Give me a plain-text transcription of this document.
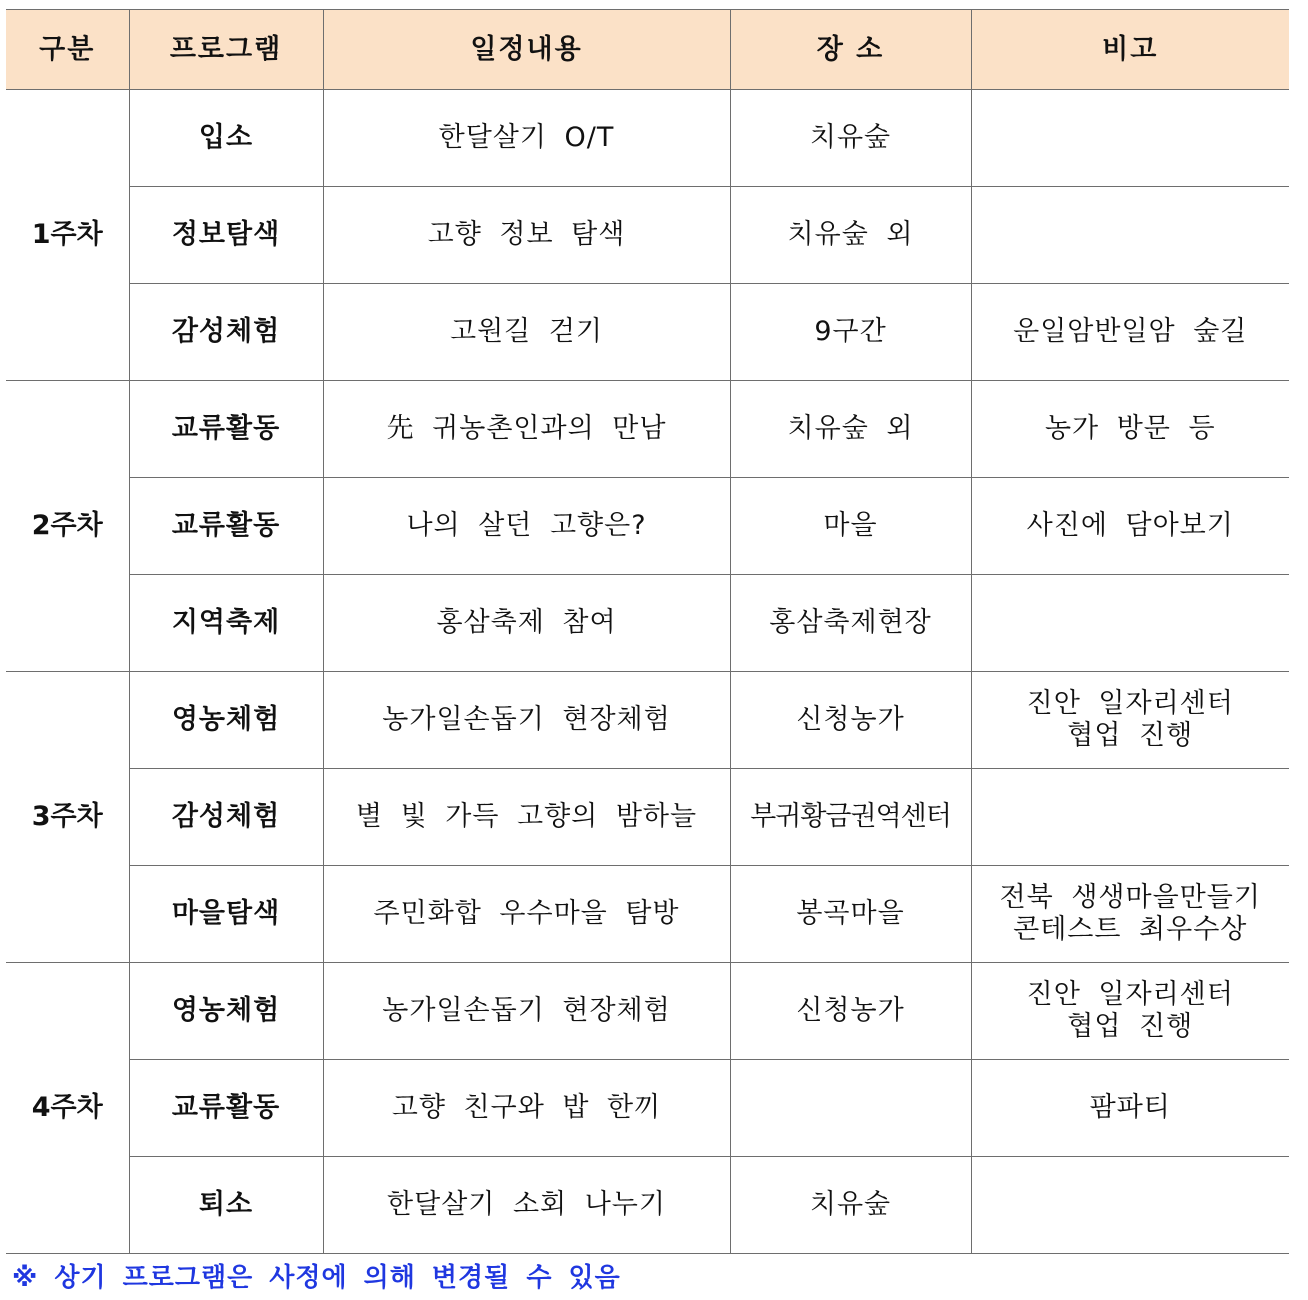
구분	프로그램	일정내용	장 소	비고
1주차	입소	한달살기 O/T	치유숲	
	정보탐색	고향 정보 탐색	치유숲 외	
	감성체험	고원길 걷기	9구간	운일암반일암 숲길

2주차	교류활동	先 귀농촌인과의 만남	치유숲 외	농가 방문 등

	교류활동	나의 살던 고향은?	마을	사진에 담아보기

	지역축제	홍삼축제 참여	홍삼축제현장	
3주차	영농체험	농가일손돕기 현장체험	신청농가	진안 일자리센터
협업 진행

	감성체험	별 빛 가득 고향의 밤하늘	부귀황금권역센터	
	마을탐색	주민화합 우수마을 탐방	봉곡마을	전북 생생마을만들기
콘테스트 최우수상

4주차	영농체험	농가일손돕기 현장체험	신청농가	진안 일자리센터
협업 진행

	교류활동	고향 친구와 밥 한끼		팜파티

	퇴소	한달살기 소회 나누기	치유숲	
※ 상기 프로그램은 사정에 의해 변경될 수 있음
